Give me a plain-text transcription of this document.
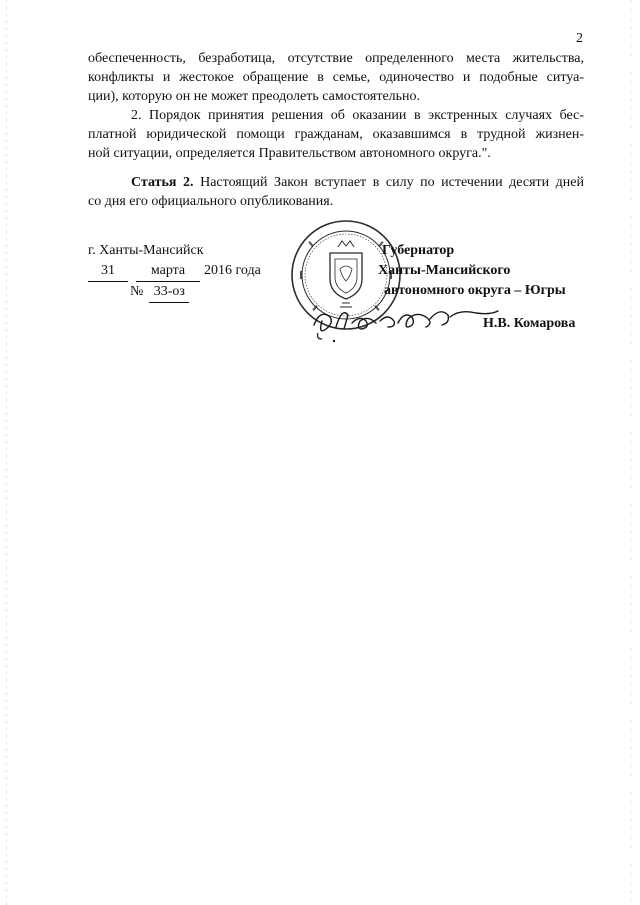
2
обеспеченность, безработица, отсутствие определенного места жительства,
конфликты и жестокое обращение в семье, одиночество и подобные ситуа-
ции), которую он не может преодолеть самостоятельно.
2. Порядок принятия решения об оказании в экстренных случаях бес-
платной юридической помощи гражданам, оказавшимся в трудной жизнен-
ной ситуации, определяется Правительством автономного округа.".
Статья 2. Настоящий Закон вступает в силу по истечении десяти дней
со дня его официального опубликования.
г. Ханты-Мансийск
31	марта 2016 года
№ 33-оз
Губернатор
Ханты-Мансийского
автономного округа – Югры
Н.В. Комарова
